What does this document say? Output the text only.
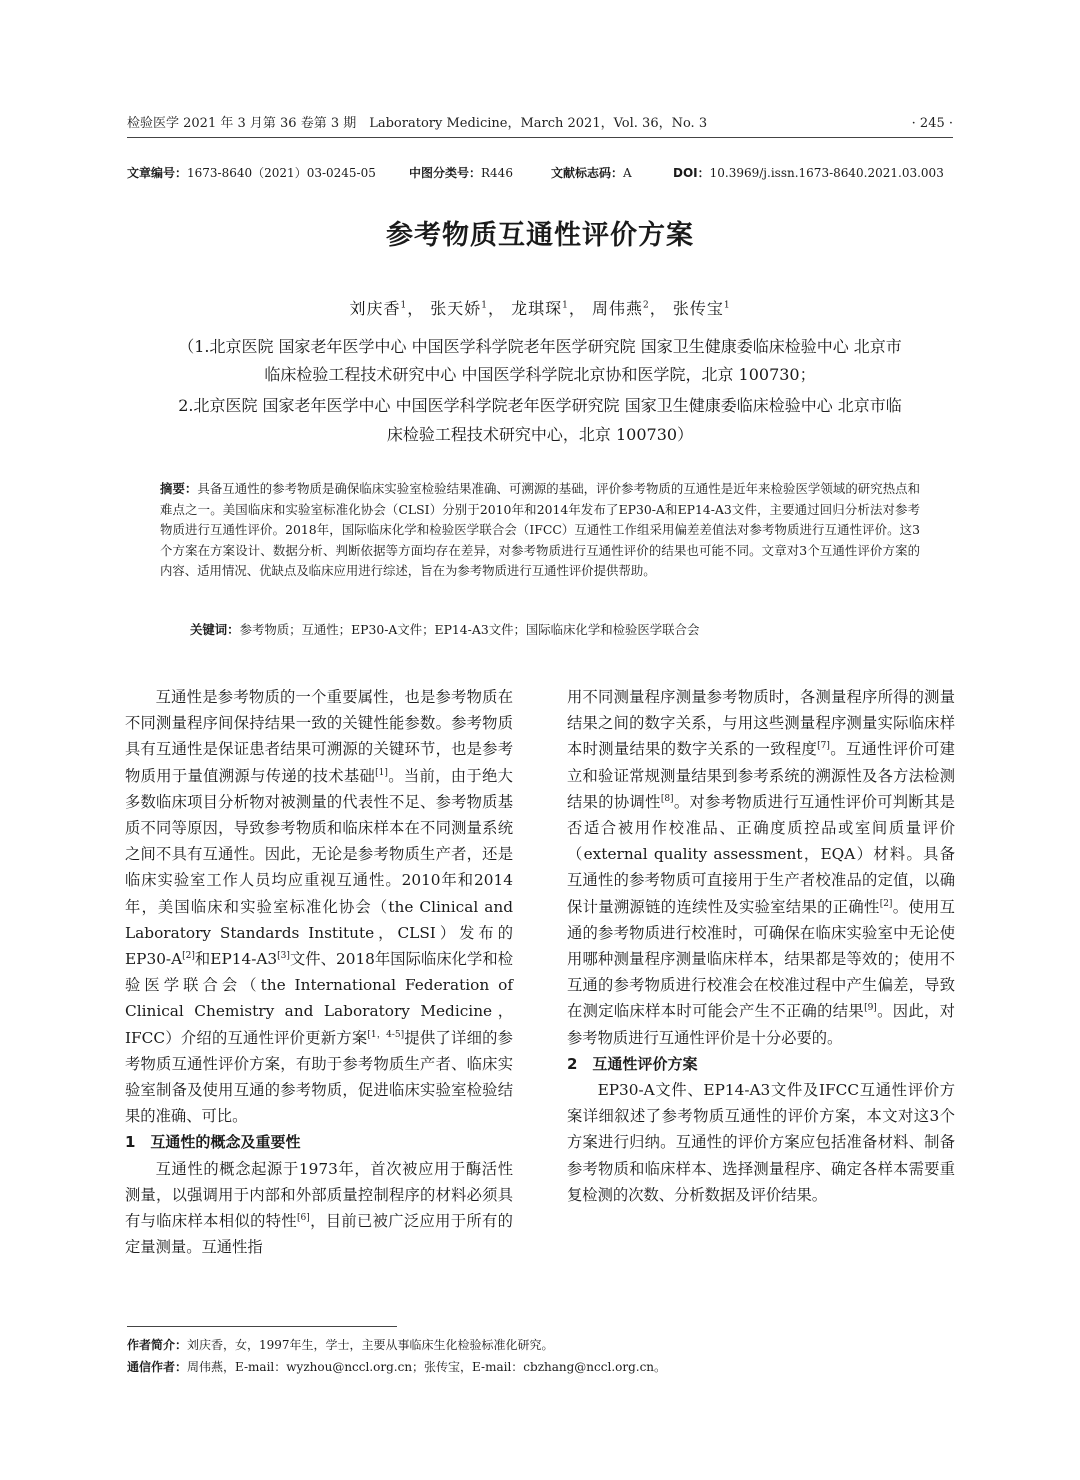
检验医学 2021 年 3 月第 36 卷第 3 期　Laboratory Medicine，March 2021，Vol. 36，No. 3	· 245 ·
文章编号：1673-8640（2021）03-0245-05	中图分类号：R446	文献标志码：A	DOI：10.3969/j.issn.1673-8640.2021.03.003
参考物质互通性评价方案
刘庆香$^1$， 张天娇$^1$， 龙琪琛$^1$， 周伟燕$^2$， 张传宝$^1$
（1.北京医院 国家老年医学中心 中国医学科学院老年医学研究院 国家卫生健康委临床检验中心 北京市
临床检验工程技术研究中心 中国医学科学院北京协和医学院，北京 100730；
2.北京医院 国家老年医学中心 中国医学科学院老年医学研究院 国家卫生健康委临床检验中心 北京市临
床检验工程技术研究中心，北京 100730）
摘要：具备互通性的参考物质是确保临床实验室检验结果准确、可溯源的基础，评价参考物质的互通性是近年来检验医学领域的研究热点和难点之一。美国临床和实验室标准化协会（CLSI）分别于2010年和2014年发布了EP30-A和EP14-A3文件，主要通过回归分析法对参考物质进行互通性评价。2018年，国际临床化学和检验医学联合会（IFCC）互通性工作组采用偏差差值法对参考物质进行互通性评价。这3个方案在方案设计、数据分析、判断依据等方面均存在差异，对参考物质进行互通性评价的结果也可能不同。文章对3个互通性评价方案的内容、适用情况、优缺点及临床应用进行综述，旨在为参考物质进行互通性评价提供帮助。
关键词：参考物质；互通性；EP30-A文件；EP14-A3文件；国际临床化学和检验医学联合会

互通性是参考物质的一个重要属性，也是参考物质在不同测量程序间保持结果一致的关键性能参数。参考物质具有互通性是保证患者结果可溯源的关键环节，也是参考物质用于量值溯源与传递的技术基础[1]。当前，由于绝大多数临床项目分析物对被测量的代表性不足、参考物质基质不同等原因，导致参考物质和临床样本在不同测量系统之间不具有互通性。因此，无论是参考物质生产者，还是临床实验室工作人员均应重视互通性。2010年和2014年，美国临床和实验室标准化协会（the Clinical and Laboratory Standards Institute，CLSI）发布的EP30-A[2]和EP14-A3[3]文件、2018年国际临床化学和检验医学联合会（the International Federation of Clinical Chemistry and Laboratory Medicine，IFCC）介绍的互通性评价更新方案[1，4-5]提供了详细的参考物质互通性评价方案，有助于参考物质生产者、临床实验室制备及使用互通的参考物质，促进临床实验室检验结果的准确、可比。

1　互通性的概念及重要性

互通性的概念起源于1973年，首次被应用于酶活性测量，以强调用于内部和外部质量控制程序的材料必须具有与临床样本相似的特性[6]，目前已被广泛应用于所有的定量测量。互通性指

用不同测量程序测量参考物质时，各测量程序所得的测量结果之间的数字关系，与用这些测量程序测量实际临床样本时测量结果的数字关系的一致程度[7]。互通性评价可建立和验证常规测量结果到参考系统的溯源性及各方法检测结果的协调性[8]。对参考物质进行互通性评价可判断其是否适合被用作校准品、正确度质控品或室间质量评价（external quality assessment，EQA）材料。具备互通性的参考物质可直接用于生产者校准品的定值，以确保计量溯源链的连续性及实验室结果的正确性[2]。使用互通的参考物质进行校准时，可确保在临床实验室中无论使用哪种测量程序测量临床样本，结果都是等效的；使用不互通的参考物质进行校准会在校准过程中产生偏差，导致在测定临床样本时可能会产生不正确的结果[9]。因此，对参考物质进行互通性评价是十分必要的。

2　互通性评价方案

EP30-A文件、EP14-A3文件及IFCC互通性评价方案详细叙述了参考物质互通性的评价方案，本文对这3个方案进行归纳。互通性的评价方案应包括准备材料、制备参考物质和临床样本、选择测量程序、确定各样本需要重复检测的次数、分析数据及评价结果。

作者简介：刘庆香，女，1997年生，学士，主要从事临床生化检验标准化研究。
通信作者：周伟燕，E-mail：wyzhou@nccl.org.cn；张传宝，E-mail：cbzhang@nccl.org.cn。
